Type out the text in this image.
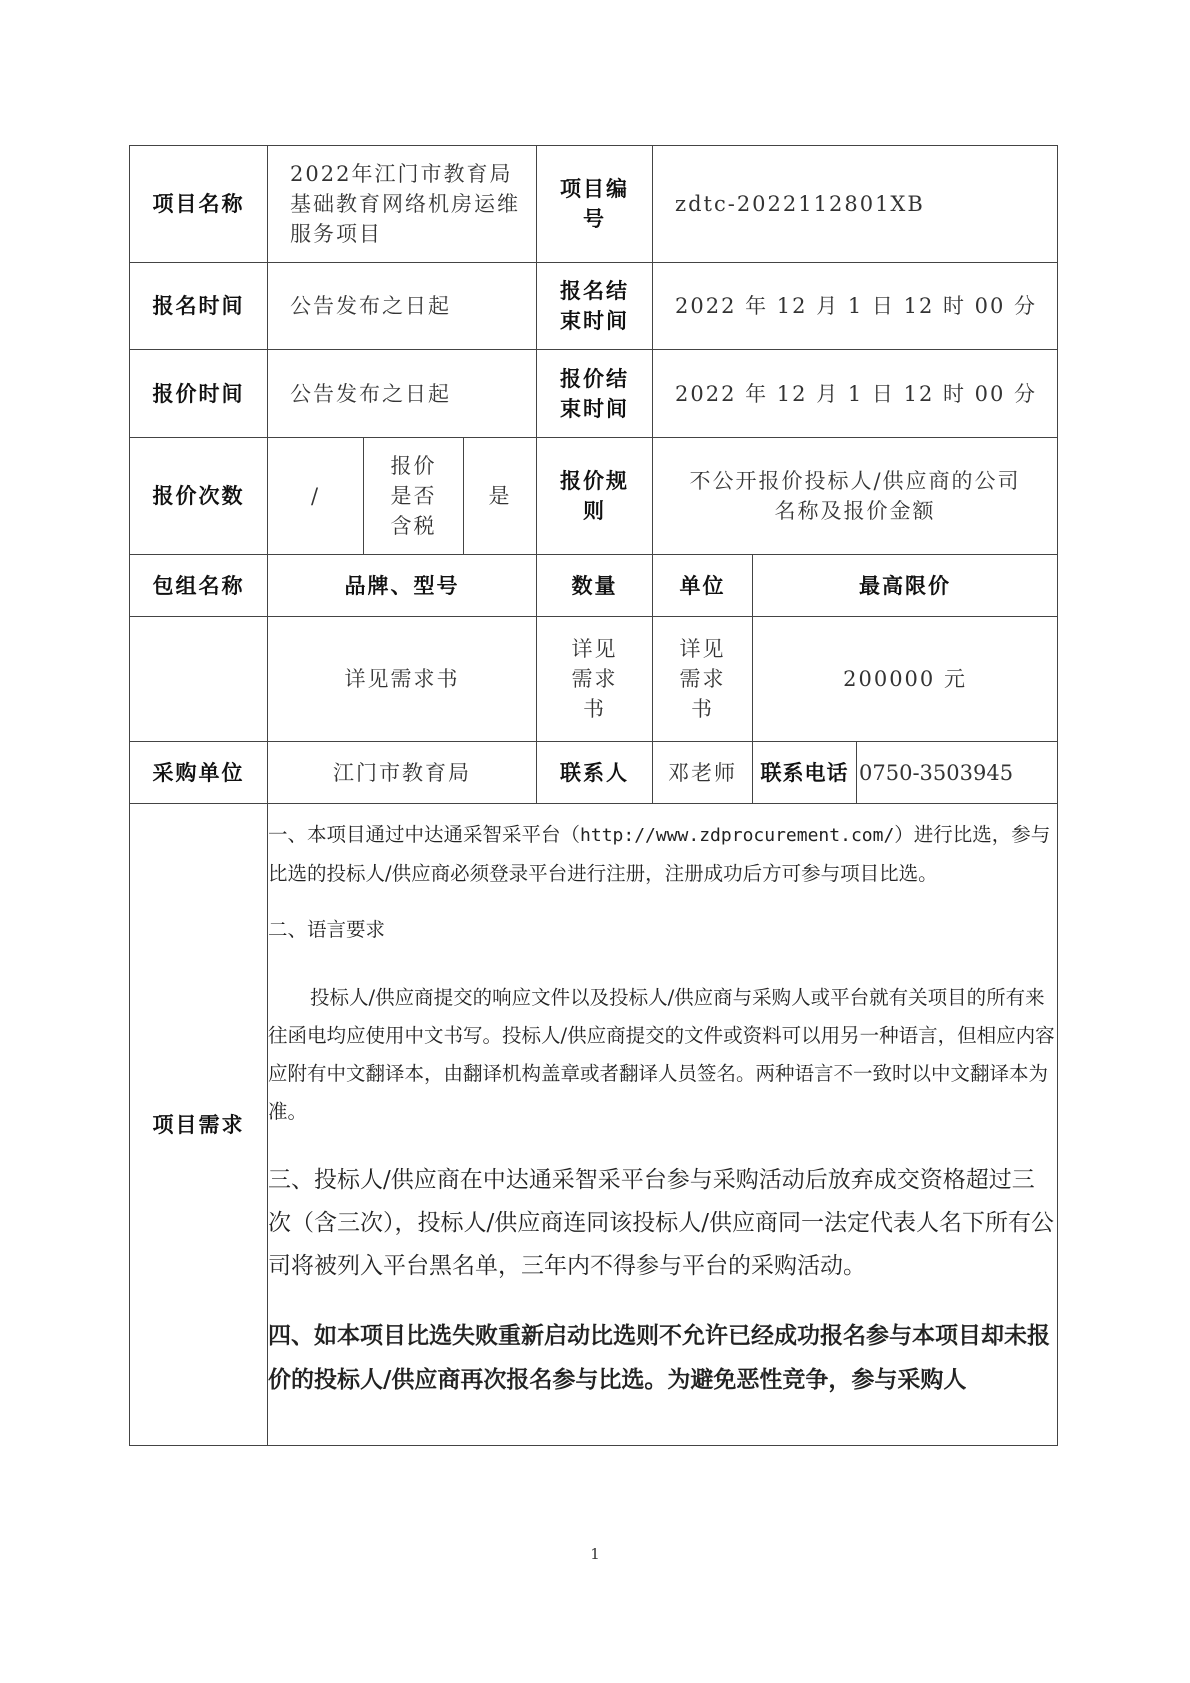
项目名称	2022年江门市教育局基础教育网络机房运维服务项目			项目编号	zdtc-2022112801XB		
报名时间	公告发布之日起			报名结束时间	2022 年 12 月 1 日 12 时 00 分		
报价时间	公告发布之日起			报价结束时间	2022 年 12 月 1 日 12 时 00 分		
报价次数	/	报价是否含税	是	报价规则	不公开报价投标人/供应商的公司名称及报价金额		
包组名称	品牌、型号			数量	单位	最高限价	
	详见需求书			详见需求书	详见需求书	200000 元	
采购单位	江门市教育局			联系人	邓老师	联系电话	0750-3503945
项目需求	一、本项目通过中达通采智采平台（http://www.zdprocurement.com/）进行比选，参与比选的投标人/供应商必须登录平台进行注册，注册成功后方可参与项目比选。

二、语言要求

投标人/供应商提交的响应文件以及投标人/供应商与采购人或平台就有关项目的所有来往函电均应使用中文书写。投标人/供应商提交的文件或资料可以用另一种语言，但相应内容应附有中文翻译本，由翻译机构盖章或者翻译人员签名。两种语言不一致时以中文翻译本为准。

三、投标人/供应商在中达通采智采平台参与采购活动后放弃成交资格超过三次（含三次），投标人/供应商连同该投标人/供应商同一法定代表人名下所有公司将被列入平台黑名单，三年内不得参与平台的采购活动。

四、如本项目比选失败重新启动比选则不允许已经成功报名参与本项目却未报价的投标人/供应商再次报名参与比选。为避免恶性竞争，参与采购人						

1
